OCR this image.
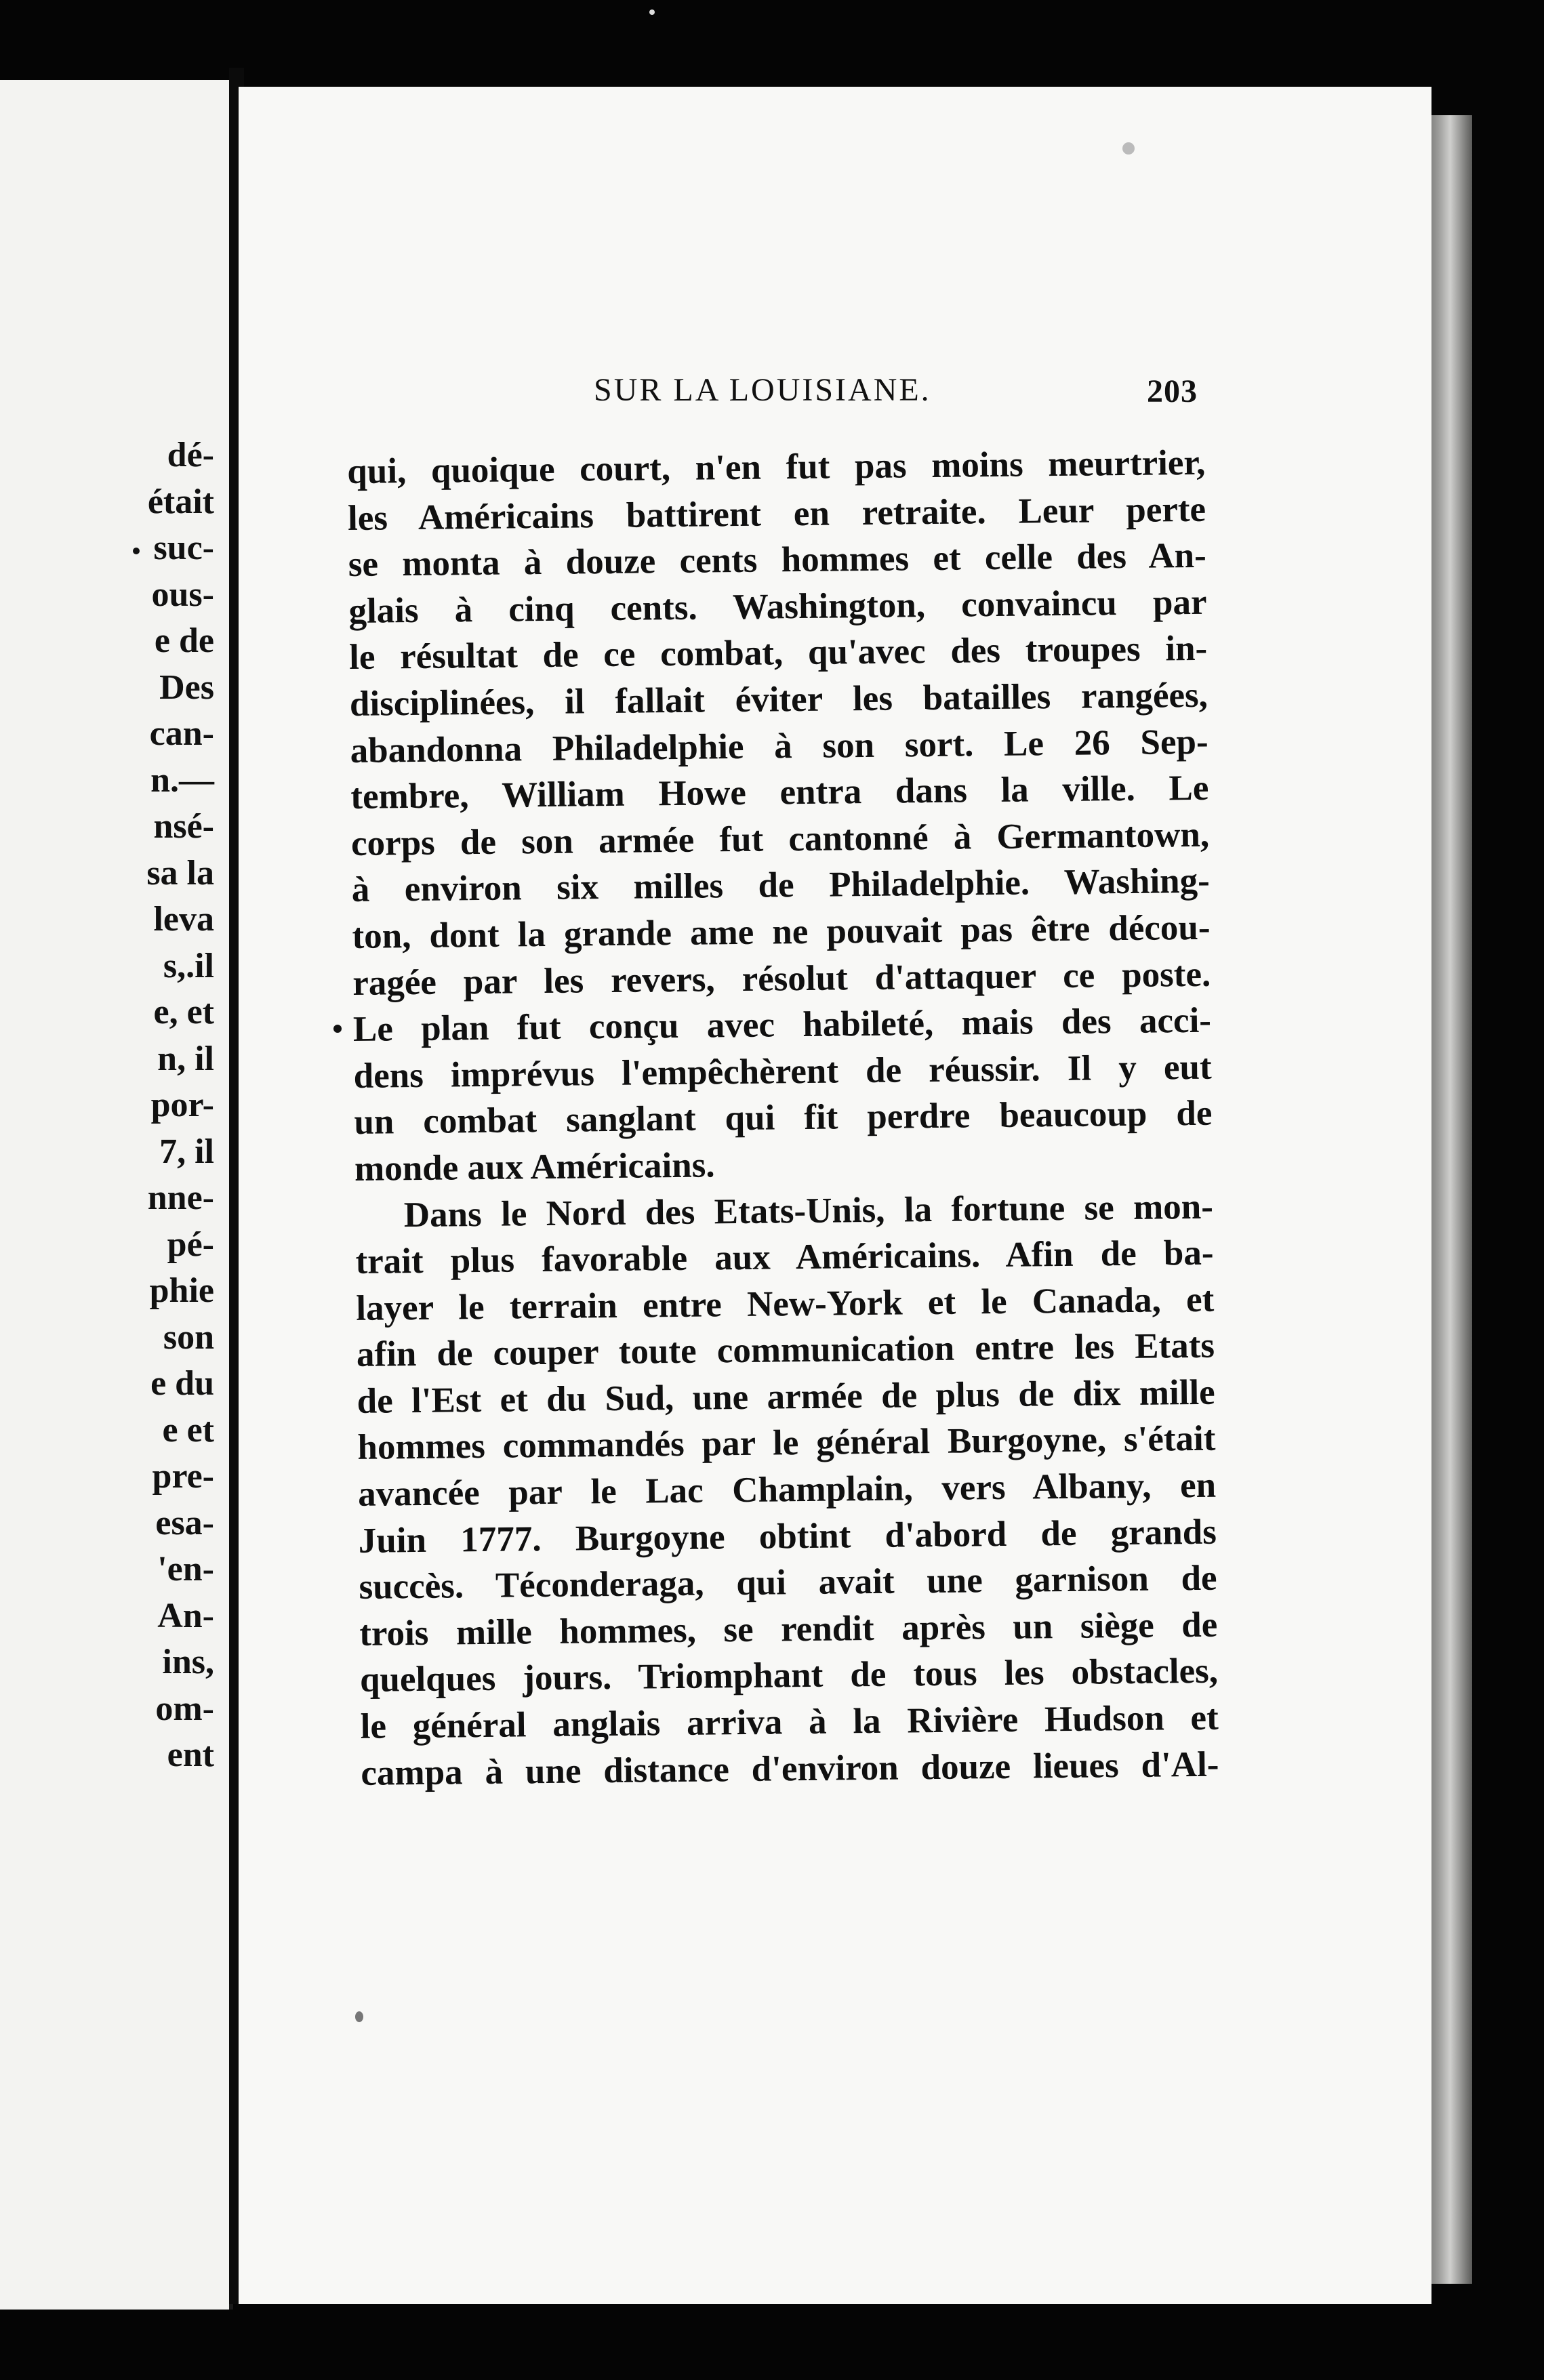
dé-
était
suc-
ous-
e de
Des
can-
n.—
nsé-
sa la
leva
s,.il
e, et
n, il
por-
7, il
nne-
pé-
phie
son
e du
e et
pre-
esa-
'en-
An-
ins,
om-
ent
SUR LA LOUISIANE.	203
qui, quoique court, n'en fut pas moins meurtrier,
les Américains battirent en retraite. Leur perte
se monta à douze cents hommes et celle des An-
glais à cinq cents. Washington, convaincu par
le résultat de ce combat, qu'avec des troupes in-
disciplinées, il fallait éviter les batailles rangées,
abandonna Philadelphie à son sort. Le 26 Sep-
tembre, William Howe entra dans la ville. Le
corps de son armée fut cantonné à Germantown,
à environ six milles de Philadelphie. Washing-
ton, dont la grande ame ne pouvait pas être décou-
ragée par les revers, résolut d'attaquer ce poste.
Le plan fut conçu avec habileté, mais des acci-
dens imprévus l'empêchèrent de réussir. Il y eut
un combat sanglant qui fit perdre beaucoup de
monde aux Américains.
Dans le Nord des Etats-Unis, la fortune se mon-
trait plus favorable aux Américains. Afin de ba-
layer le terrain entre New-York et le Canada, et
afin de couper toute communication entre les Etats
de l'Est et du Sud, une armée de plus de dix mille
hommes commandés par le général Burgoyne, s'était
avancée par le Lac Champlain, vers Albany, en
Juin 1777. Burgoyne obtint d'abord de grands
succès. Téconderaga, qui avait une garnison de
trois mille hommes, se rendit après un siège de
quelques jours. Triomphant de tous les obstacles,
le général anglais arriva à la Rivière Hudson et
campa à une distance d'environ douze lieues d'Al-
